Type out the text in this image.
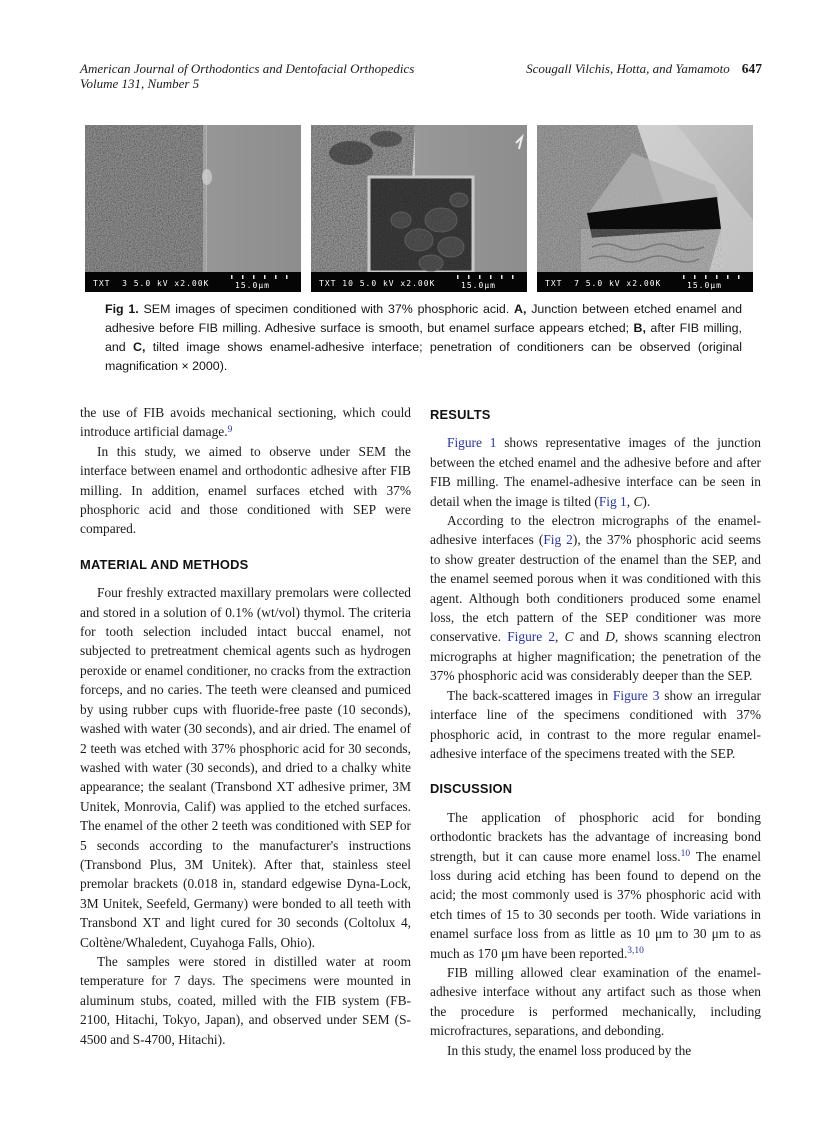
American Journal of Orthodontics and Dentofacial Orthopedics
Volume 131, Number 5
Scougall Vilchis, Hotta, and Yamamoto 647
TXT  3 5.0 kV x2.00K	15.0μm	TXT 10 5.0 kV x2.00K	15.0μm	TXT  7 5.0 kV x2.00K	15.0μm
Fig 1. SEM images of specimen conditioned with 37% phosphoric acid. A, Junction between etched enamel and adhesive before FIB milling. Adhesive surface is smooth, but enamel surface appears etched; B, after FIB milling, and C, tilted image shows enamel-adhesive interface; penetration of conditioners can be observed (original magnification × 2000).

the use of FIB avoids mechanical sectioning, which could introduce artificial damage.$^9$

In this study, we aimed to observe under SEM the interface between enamel and orthodontic adhesive after FIB milling. In addition, enamel surfaces etched with 37% phosphoric acid and those conditioned with SEP were compared.

MATERIAL AND METHODS

Four freshly extracted maxillary premolars were collected and stored in a solution of 0.1% (wt/vol) thymol. The criteria for tooth selection included intact buccal enamel, not subjected to pretreatment chemical agents such as hydrogen peroxide or enamel conditioner, no cracks from the extraction forceps, and no caries. The teeth were cleansed and pumiced by using rubber cups with fluoride-free paste (10 seconds), washed with water (30 seconds), and air dried. The enamel of 2 teeth was etched with 37% phosphoric acid for 30 seconds, washed with water (30 seconds), and dried to a chalky white appearance; the sealant (Transbond XT adhesive primer, 3M Unitek, Monrovia, Calif) was applied to the etched surfaces. The enamel of the other 2 teeth was conditioned with SEP for 5 seconds according to the manufacturer's instructions (Transbond Plus, 3M Unitek). After that, stainless steel premolar brackets (0.018 in, standard edgewise Dyna-Lock, 3M Unitek, Seefeld, Germany) were bonded to all teeth with Transbond XT and light cured for 30 seconds (Coltolux 4, Coltène/Whaledent, Cuyahoga Falls, Ohio).

The samples were stored in distilled water at room temperature for 7 days. The specimens were mounted in aluminum stubs, coated, milled with the FIB system (FB-2100, Hitachi, Tokyo, Japan), and observed under SEM (S-4500 and S-4700, Hitachi).

RESULTS

Figure 1 shows representative images of the junction between the etched enamel and the adhesive before and after FIB milling. The enamel-adhesive interface can be seen in detail when the image is tilted (Fig 1, C).

According to the electron micrographs of the enamel-adhesive interfaces (Fig 2), the 37% phosphoric acid seems to show greater destruction of the enamel than the SEP, and the enamel seemed porous when it was conditioned with this agent. Although both conditioners produced some enamel loss, the etch pattern of the SEP conditioner was more conservative. Figure 2, C and D, shows scanning electron micrographs at higher magnification; the penetration of the 37% phosphoric acid was considerably deeper than the SEP.

The back-scattered images in Figure 3 show an irregular interface line of the specimens conditioned with 37% phosphoric acid, in contrast to the more regular enamel-adhesive interface of the specimens treated with the SEP.

DISCUSSION

The application of phosphoric acid for bonding orthodontic brackets has the advantage of increasing bond strength, but it can cause more enamel loss.$^{10}$ The enamel loss during acid etching has been found to depend on the acid; the most commonly used is 37% phosphoric acid with etch times of 15 to 30 seconds per tooth. Wide variations in enamel surface loss from as little as 10 μm to 30 μm to as much as 170 μm have been reported.$^{3,10}$

FIB milling allowed clear examination of the enamel-adhesive interface without any artifact such as those when the procedure is performed mechanically, including microfractures, separations, and debonding.

In this study, the enamel loss produced by the
